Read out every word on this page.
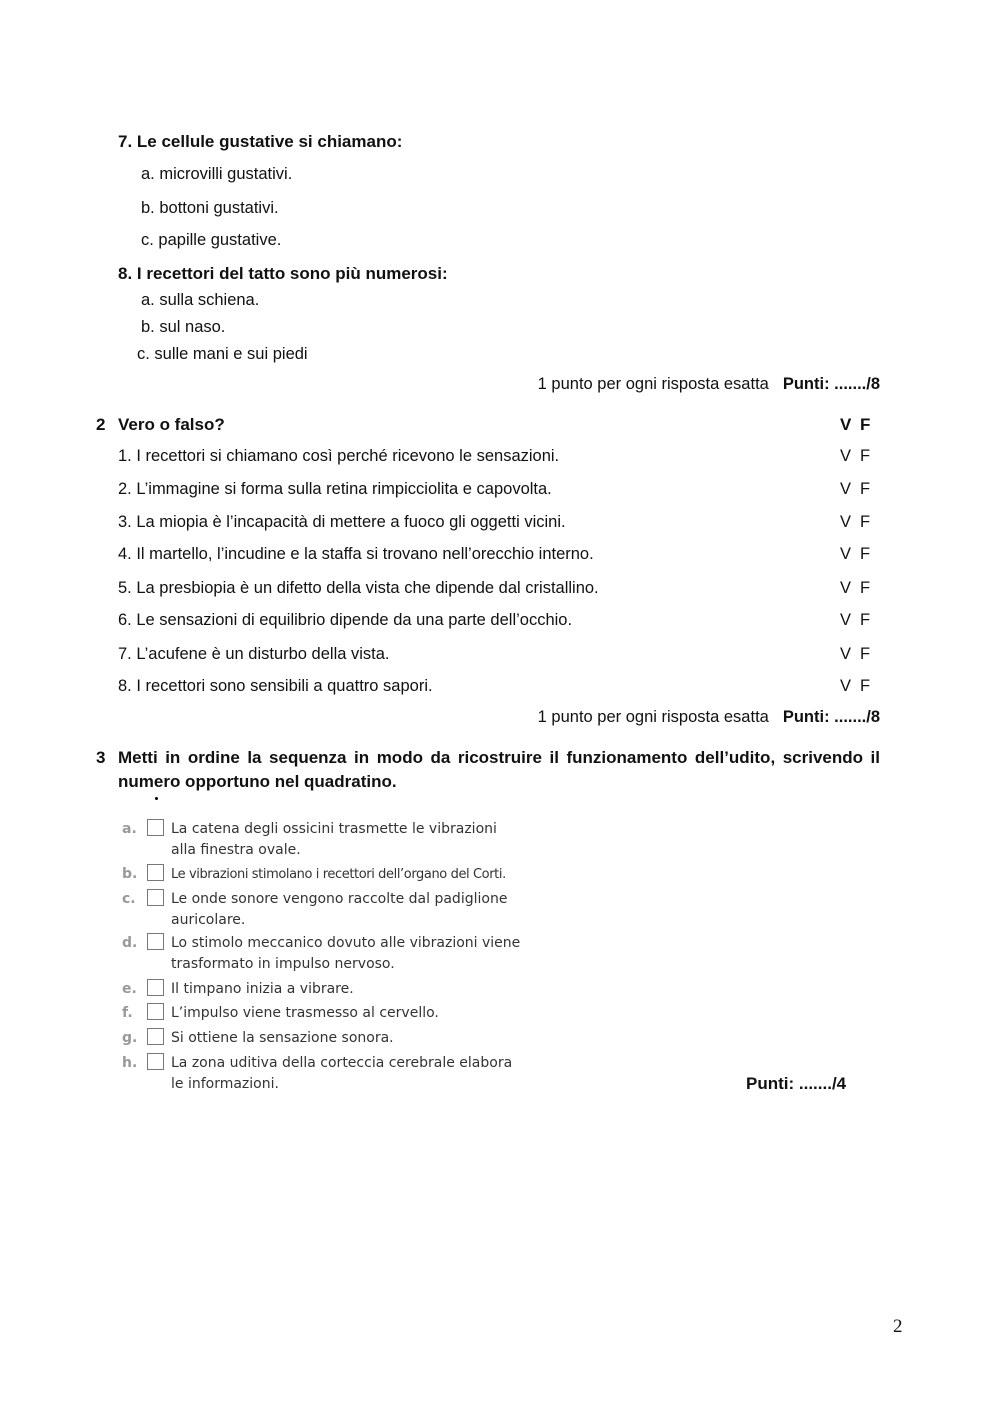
7. Le cellule gustative si chiamano:

a. microvilli gustativi.

b. bottoni gustativi.

c. papille gustative.

8. I recettori del tatto sono più numerosi:

a. sulla schiena.

b. sul naso.

c. sulle mani e sui piedi

1 punto per ogni risposta esatta Punti: ......./8

2 Vero o falso?	V F

1. I recettori si chiamano così perché ricevono le sensazioni.	V F

2. L’immagine si forma sulla retina rimpicciolita e capovolta.	V F

3. La miopia è l’incapacità di mettere a fuoco gli oggetti vicini.	V F

4. Il martello, l’incudine e la staffa si trovano nell’orecchio interno.	V F

5. La presbiopia è un difetto della vista che dipende dal cristallino.	V F

6. Le sensazioni di equilibrio dipende da una parte dell’occhio.	V F

7. L’acufene è un disturbo della vista.	V F

8. I recettori sono sensibili a quattro sapori.	V F

1 punto per ogni risposta esatta Punti: ......./8

3 Metti in ordine la sequenza in modo da ricostruire il funzionamento dell’udito, scrivendo il numero opportuno nel quadratino.
a.	La catena degli ossicini trasmette le vibrazioni alla finestra ovale.
b.	Le vibrazioni stimolano i recettori dell’organo del Corti.
c.	Le onde sonore vengono raccolte dal padiglione auricolare.
d.	Lo stimolo meccanico dovuto alle vibrazioni viene trasformato in impulso nervoso.
e.	Il timpano inizia a vibrare.
f.	L’impulso viene trasmesso al cervello.
g.	Si ottiene la sensazione sonora.
h.	La zona uditiva della corteccia cerebrale elabora le informazioni.	Punti: ......./4

2
